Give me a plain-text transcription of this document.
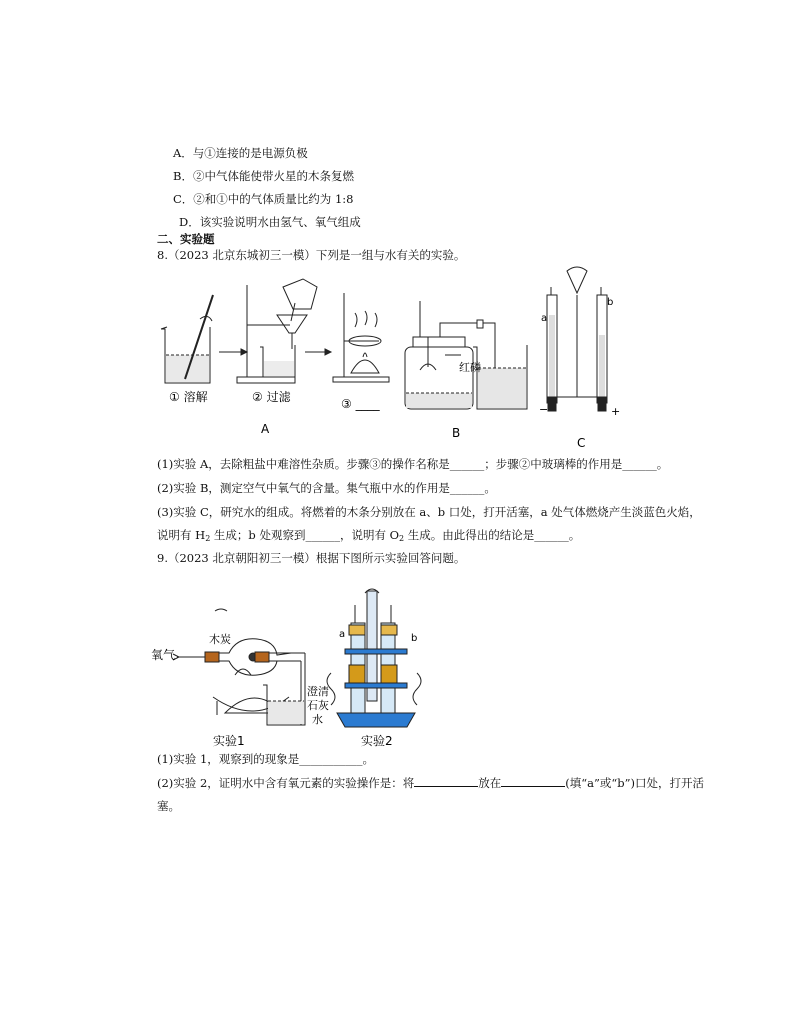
A．与①连接的是电源负极
B．②中气体能使带火星的木条复燃
C．②和①中的气体质量比约为 1:8
D．该实验说明水由氢气、氧气组成
二、实验题
8.（2023 北京东城初三一模）下列是一组与水有关的实验。
① 溶解	② 过滤	③ ____
A	B
红磷
a
b
−	+
C
(1)实验 A，去除粗盐中难溶性杂质。步骤③的操作名称是______；步骤②中玻璃棒的作用是______。
(2)实验 B，测定空气中氧气的含量。集气瓶中水的作用是______。
(3)实验 C，研究水的组成。将燃着的木条分别放在 a、b 口处，打开活塞，a 处气体燃烧产生淡蓝色火焰，
说明有 $H_2$ 生成；b 处观察到______，说明有 $O_2$ 生成。由此得出的结论是______。
9.（2023 北京朝阳初三一模）根据下图所示实验回答问题。
氧气
木炭
澄清
石灰
水
实验1	实验2
a	b
(1)实验 1，观察到的现象是___________。
(2)实验 2，证明水中含有氧元素的实验操作是：将	放在	(填“a”或“b”)口处，打开活
塞。
